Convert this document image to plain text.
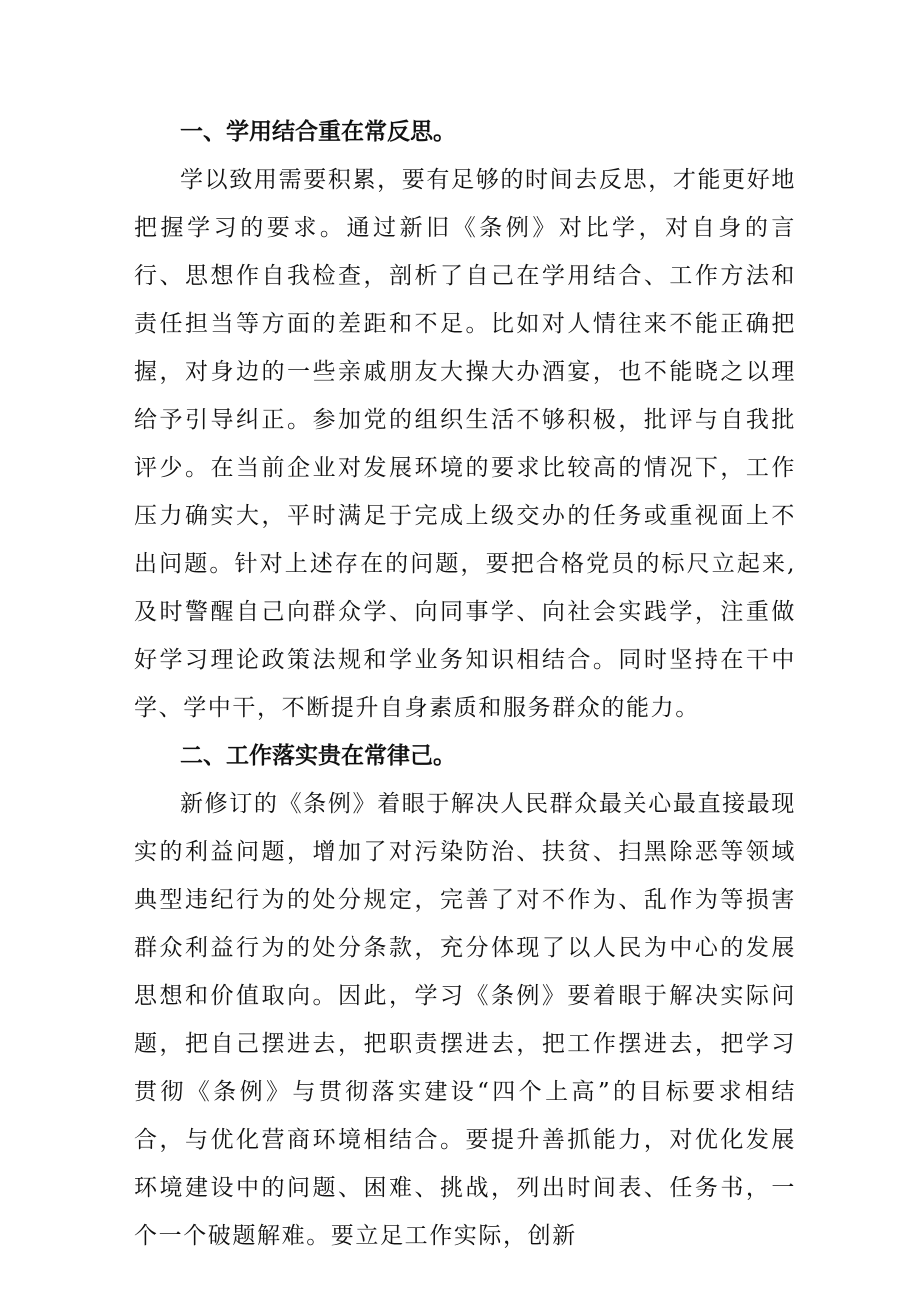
一、学用结合重在常反思。

学以致用需要积累，要有足够的时间去反思，才能更好地把握学习的要求。通过新旧《条例》对比学，对自身的言行、思想作自我检查，剖析了自己在学用结合、工作方法和责任担当等方面的差距和不足。比如对人情往来不能正确把握，对身边的一些亲戚朋友大操大办酒宴，也不能晓之以理给予引导纠正。参加党的组织生活不够积极，批评与自我批评少。在当前企业对发展环境的要求比较高的情况下，工作压力确实大，平时满足于完成上级交办的任务或重视面上不出问题。针对上述存在的问题，要把合格党员的标尺立起来,及时警醒自己向群众学、向同事学、向社会实践学，注重做好学习理论政策法规和学业务知识相结合。同时坚持在干中学、学中干，不断提升自身素质和服务群众的能力。

二、工作落实贵在常律己。

新修订的《条例》着眼于解决人民群众最关心最直接最现实的利益问题，增加了对污染防治、扶贫、扫黑除恶等领域典型违纪行为的处分规定，完善了对不作为、乱作为等损害群众利益行为的处分条款，充分体现了以人民为中心的发展思想和价值取向。因此，学习《条例》要着眼于解决实际问题，把自己摆进去，把职责摆进去，把工作摆进去，把学习贯彻《条例》与贯彻落实建设“四个上高”的目标要求相结合，与优化营商环境相结合。要提升善抓能力，对优化发展环境建设中的问题、困难、挑战，列出时间表、任务书，一个一个破题解难。要立足工作实际，创新
